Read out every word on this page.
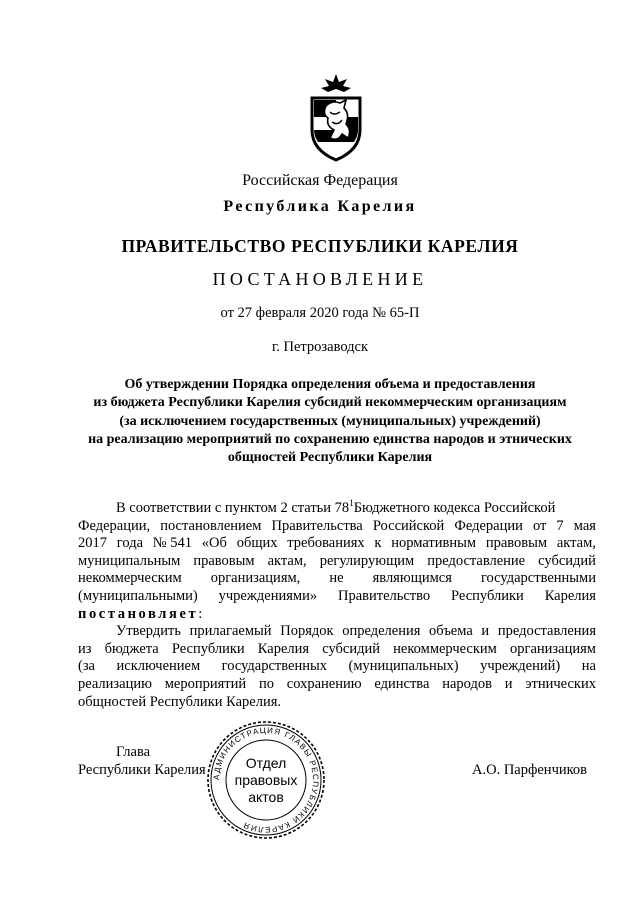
Российская Федерация
Республика Карелия
ПРАВИТЕЛЬСТВО РЕСПУБЛИКИ КАРЕЛИЯ
ПОСТАНОВЛЕНИЕ
от 27 февраля 2020 года № 65-П
г. Петрозаводск
Об утверждении Порядка определения объема и предоставления
из бюджета Республики Карелия субсидий некоммерческим организациям
(за исключением государственных (муниципальных) учреждений)
на реализацию мероприятий по сохранению единства народов и этнических
общностей Республики Карелия
В соответствии с пунктом 2 статьи $78^1Бюджетного$ кодекса Российской
Федерации, постановлением Правительства Российской Федерации от 7 мая
2017 года № 541 «Об общих требованиях к нормативным правовым актам,
муниципальным правовым актам, регулирующим предоставление субсидий
некоммерческим организациям, не являющимся государственными
(муниципальными) учреждениями» Правительство Республики Карелия
постановляет :
Утвердить прилагаемый Порядок определения объема и предоставления
из бюджета Республики Карелия субсидий некоммерческим организациям
(за исключением государственных (муниципальных) учреждений) на
реализацию мероприятий по сохранению единства народов и этнических
общностей Республики Карелия.
Глава
Республики Карелия	А.О. Парфенчиков
АДМИНИСТРАЦИЯ ГЛАВЫ РЕСПУБЛИКИ КАРЕЛИЯ
Отдел
правовых
актов
